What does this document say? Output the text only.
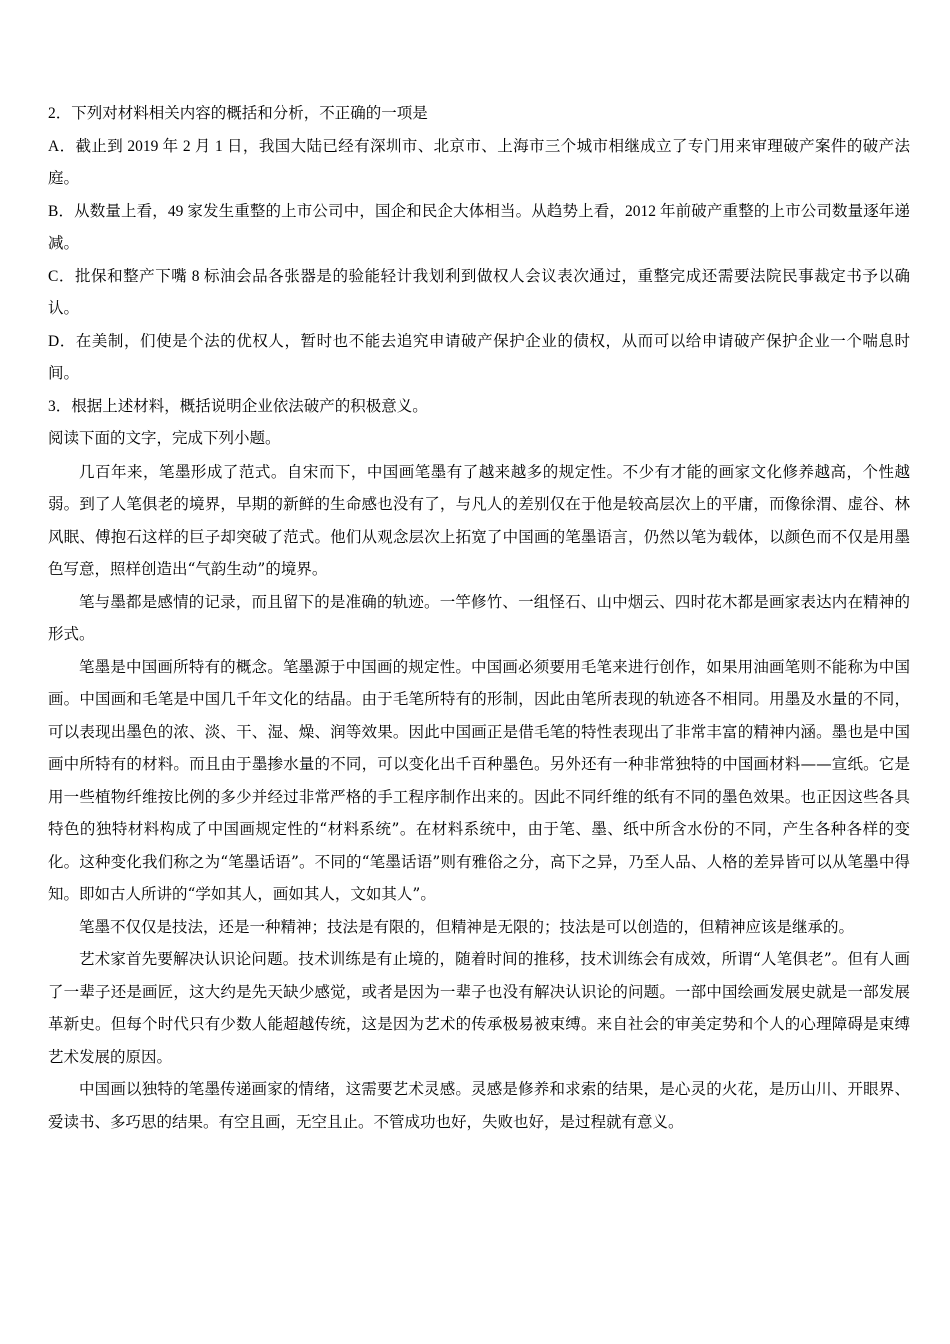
2．下列对材料相关内容的概括和分析，不正确的一项是

A．截止到 2019 年 2 月 1 日，我国大陆已经有深圳市、北京市、上海市三个城市相继成立了专门用来审理破产案件的破产法庭。

B．从数量上看，49 家发生重整的上市公司中，国企和民企大体相当。从趋势上看，2012 年前破产重整的上市公司数量逐年递减。

C．批保和整产下嘴 8 标油会品各张器是的验能轻计我划利到做权人会议表次通过，重整完成还需要法院民事裁定书予以确认。

D．在美制，们使是个法的优权人，暂时也不能去追究申请破产保护企业的债权，从而可以给申请破产保护企业一个喘息时间。

3．根据上述材料，概括说明企业依法破产的积极意义。

阅读下面的文字，完成下列小题。

几百年来，笔墨形成了范式。自宋而下，中国画笔墨有了越来越多的规定性。不少有才能的画家文化修养越高，个性越弱。到了人笔俱老的境界，早期的新鲜的生命感也没有了，与凡人的差别仅在于他是较高层次上的平庸，而像徐渭、虚谷、林风眠、傅抱石这样的巨子却突破了范式。他们从观念层次上拓宽了中国画的笔墨语言，仍然以笔为载体，以颜色而不仅是用墨色写意，照样创造出“气韵生动”的境界。

笔与墨都是感情的记录，而且留下的是准确的轨迹。一竿修竹、一组怪石、山中烟云、四时花木都是画家表达内在精神的形式。

笔墨是中国画所特有的概念。笔墨源于中国画的规定性。中国画必须要用毛笔来进行创作，如果用油画笔则不能称为中国画。中国画和毛笔是中国几千年文化的结晶。由于毛笔所特有的形制，因此由笔所表现的轨迹各不相同。用墨及水量的不同，可以表现出墨色的浓、淡、干、湿、燥、润等效果。因此中国画正是借毛笔的特性表现出了非常丰富的精神内涵。墨也是中国画中所特有的材料。而且由于墨掺水量的不同，可以变化出千百种墨色。另外还有一种非常独特的中国画材料——宣纸。它是用一些植物纤维按比例的多少并经过非常严格的手工程序制作出来的。因此不同纤维的纸有不同的墨色效果。也正因这些各具特色的独特材料构成了中国画规定性的“材料系统”。在材料系统中，由于笔、墨、纸中所含水份的不同，产生各种各样的变化。这种变化我们称之为“笔墨话语”。不同的“笔墨话语”则有雅俗之分，高下之异，乃至人品、人格的差异皆可以从笔墨中得知。即如古人所讲的“学如其人，画如其人，文如其人”。

笔墨不仅仅是技法，还是一种精神；技法是有限的，但精神是无限的；技法是可以创造的，但精神应该是继承的。

艺术家首先要解决认识论问题。技术训练是有止境的，随着时间的推移，技术训练会有成效，所谓“人笔俱老”。但有人画了一辈子还是画匠，这大约是先天缺少感觉，或者是因为一辈子也没有解决认识论的问题。一部中国绘画发展史就是一部发展革新史。但每个时代只有少数人能超越传统，这是因为艺术的传承极易被束缚。来自社会的审美定势和个人的心理障碍是束缚艺术发展的原因。

中国画以独特的笔墨传递画家的情绪，这需要艺术灵感。灵感是修养和求索的结果，是心灵的火花，是历山川、开眼界、爱读书、多巧思的结果。有空且画，无空且止。不管成功也好，失败也好，是过程就有意义。
